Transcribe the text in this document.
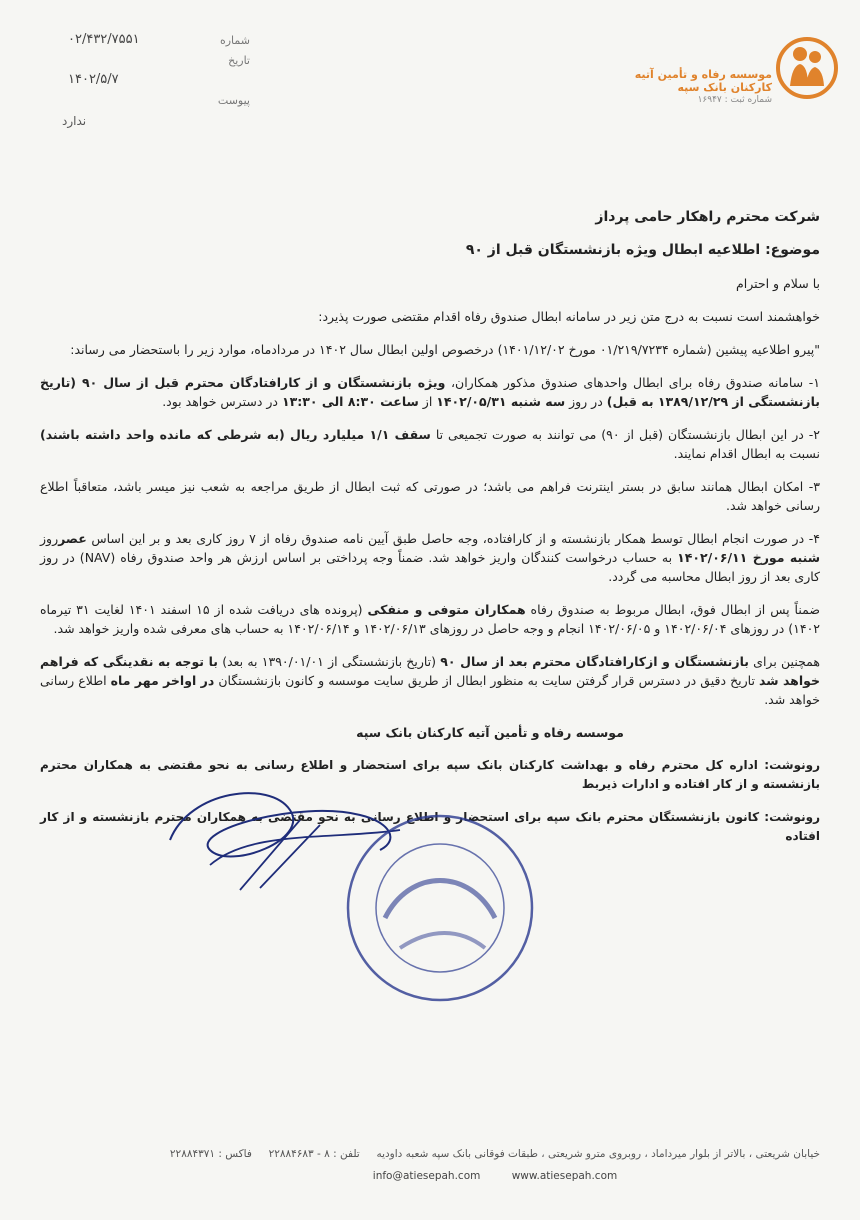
موسسه رفاه و تأمین آتیه
کارکنان بانک سپه
شماره ثبت : ۱۶۹۴۷
شماره
۰۲/۴۳۲/۷۵۵۱
تاریخ
۱۴۰۲/۵/۷
پیوست
ندارد

شرکت محترم راهکار حامی پرداز

موضوع: اطلاعیه ابطال ویژه بازنشستگان قبل از ۹۰

با سلام و احترام

خواهشمند است نسبت به درج متن زیر در سامانه ابطال صندوق رفاه اقدام مقتضی صورت پذیرد:

"پیرو اطلاعیه پیشین (شماره ۰۱/۲۱۹/۷۲۳۴ مورخ ۱۴۰۱/۱۲/۰۲) درخصوص اولین ابطال سال ۱۴۰۲ در مردادماه، موارد زیر را باستحضار می رساند:

۱- سامانه صندوق رفاه برای ابطال واحدهای صندوق مذکور همکاران، ویژه بازنشستگان و از کارافتادگان محترم قبل از سال ۹۰ (تاریخ بازنشستگی از ۱۳۸۹/۱۲/۲۹ به قبل) در روز سه شنبه ۱۴۰۲/۰۵/۳۱ از ساعت ۸:۳۰ الی ۱۳:۳۰ در دسترس خواهد بود.

۲- در این ابطال بازنشستگان (قبل از ۹۰) می توانند به صورت تجمیعی تا سقف ۱/۱ میلیارد ریال (به شرطی که مانده واحد داشته باشند) نسبت به ابطال اقدام نمایند.

۳- امکان ابطال همانند سابق در بستر اینترنت فراهم می باشد؛ در صورتی که ثبت ابطال از طریق مراجعه به شعب نیز میسر باشد، متعاقباً اطلاع رسانی خواهد شد.

۴- در صورت انجام ابطال توسط همکار بازنشسته و از کارافتاده، وجه حاصل طبق آیین نامه صندوق رفاه از ۷ روز کاری بعد و بر این اساس عصرروز شنبه مورخ ۱۴۰۲/۰۶/۱۱ به حساب درخواست کنندگان واریز خواهد شد. ضمناً وجه پرداختی بر اساس ارزش هر واحد صندوق رفاه (NAV) در روز کاری بعد از روز ابطال محاسبه می گردد.

ضمناً پس از ابطال فوق، ابطال مربوط به صندوق رفاه همکاران متوفی و منفکی (پرونده های دریافت شده از ۱۵ اسفند ۱۴۰۱ لغایت ۳۱ تیرماه ۱۴۰۲) در روزهای ۱۴۰۲/۰۶/۰۴ و ۱۴۰۲/۰۶/۰۵ انجام و وجه حاصل در روزهای ۱۴۰۲/۰۶/۱۳ و ۱۴۰۲/۰۶/۱۴ به حساب های معرفی شده واریز خواهد شد.

همچنین برای بازنشستگان و ازکارافتادگان محترم بعد از سال ۹۰ (تاریخ بازنشستگی از ۱۳۹۰/۰۱/۰۱ به بعد) با توجه به نقدینگی که فراهم خواهد شد تاریخ دقیق در دسترس قرار گرفتن سایت به منظور ابطال از طریق سایت موسسه و کانون بازنشستگان در اواخر مهر ماه اطلاع رسانی خواهد شد.

موسسه رفاه و تأمین آتیه کارکنان بانک سپه

رونوشت: اداره کل محترم رفاه و بهداشت کارکنان بانک سپه برای استحضار و اطلاع رسانی به نحو مقتضی به همکاران محترم بازنشسته و از کار افتاده و ادارات ذیربط

رونوشت: کانون بازنشستگان محترم بانک سپه برای استحضار و اطلاع رسانی به نحو مقتضی به همکاران محترم بازنشسته و از کار افتاده

خیابان شریعتی ، بالاتر از بلوار میرداماد ، روبروی مترو شریعتی ، طبقات فوقانی بانک سپه شعبه داودیه     تلفن : ۸ - ۲۲۸۸۴۶۸۳     فاکس : ۲۲۸۸۴۳۷۱
info@atiesepah.com	www.atiesepah.com
